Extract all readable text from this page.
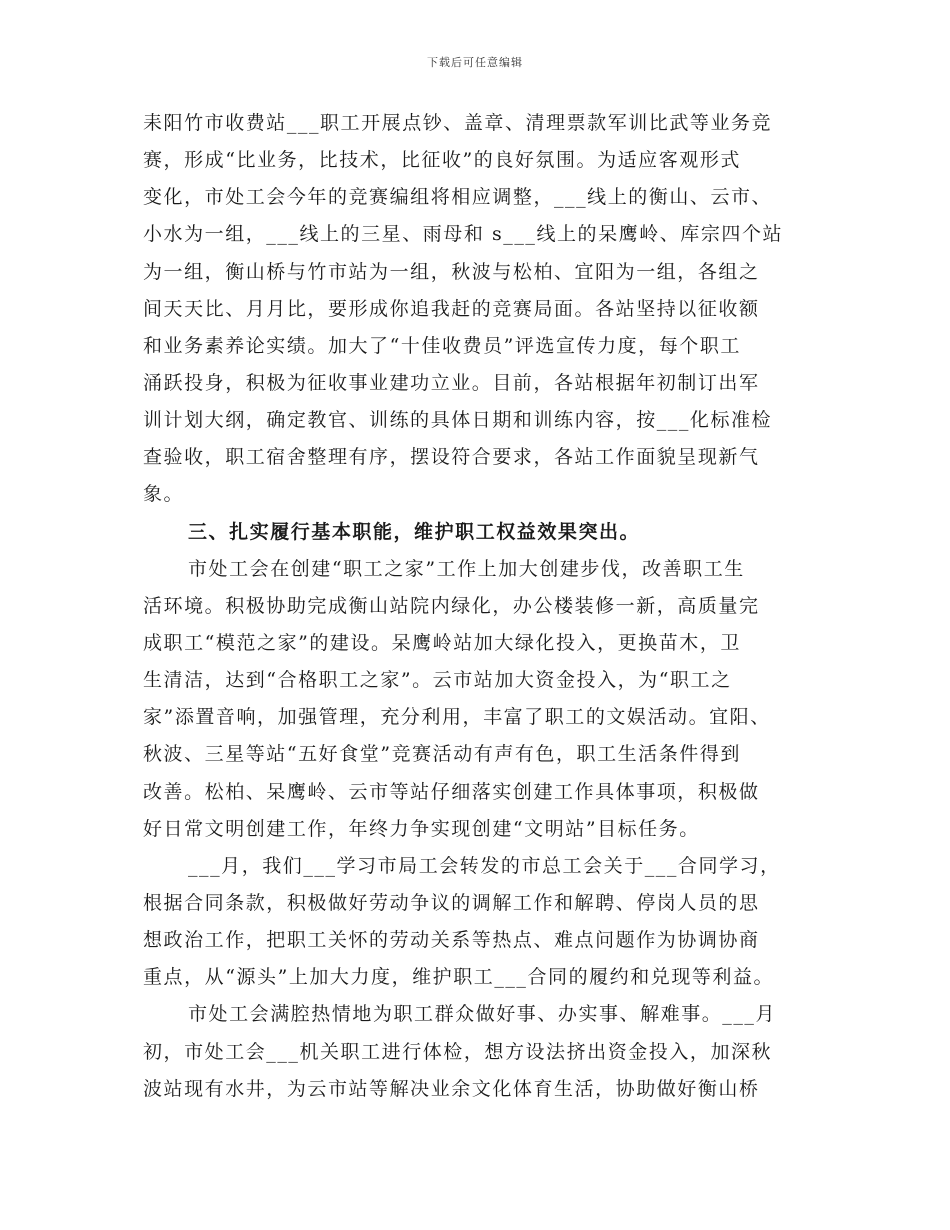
下载后可任意编辑
耒阳竹市收费站___职工开展点钞、盖章、清理票款军训比武等业务竞
赛，形成“比业务，比技术，比征收”的良好氛围。为适应客观形式
变化，市处工会今年的竞赛编组将相应调整，___线上的衡山、云市、
小水为一组，___线上的三星、雨母和 s___线上的呆鹰岭、库宗四个站
为一组，衡山桥与竹市站为一组，秋波与松柏、宜阳为一组，各组之
间天天比、月月比，要形成你追我赶的竞赛局面。各站坚持以征收额
和业务素养论实绩。加大了“十佳收费员”评选宣传力度，每个职工
涌跃投身，积极为征收事业建功立业。目前，各站根据年初制订出军
训计划大纲，确定教官、训练的具体日期和训练内容，按___化标准检
查验收，职工宿舍整理有序，摆设符合要求，各站工作面貌呈现新气
象。
三、扎实履行基本职能，维护职工权益效果突出。
市处工会在创建“职工之家”工作上加大创建步伐，改善职工生
活环境。积极协助完成衡山站院内绿化，办公楼装修一新，高质量完
成职工“模范之家”的建设。呆鹰岭站加大绿化投入，更换苗木，卫
生清洁，达到“合格职工之家”。云市站加大资金投入，为“职工之
家”添置音响，加强管理，充分利用，丰富了职工的文娱活动。宜阳、
秋波、三星等站“五好食堂”竞赛活动有声有色，职工生活条件得到
改善。松柏、呆鹰岭、云市等站仔细落实创建工作具体事项，积极做
好日常文明创建工作，年终力争实现创建“文明站”目标任务。
___月，我们___学习市局工会转发的市总工会关于___合同学习，
根据合同条款，积极做好劳动争议的调解工作和解聘、停岗人员的思
想政治工作，把职工关怀的劳动关系等热点、难点问题作为协调协商
重点，从“源头”上加大力度，维护职工___合同的履约和兑现等利益。
市处工会满腔热情地为职工群众做好事、办实事、解难事。___月
初，市处工会___机关职工进行体检，想方设法挤出资金投入，加深秋
波站现有水井，为云市站等解决业余文化体育生活，协助做好衡山桥
